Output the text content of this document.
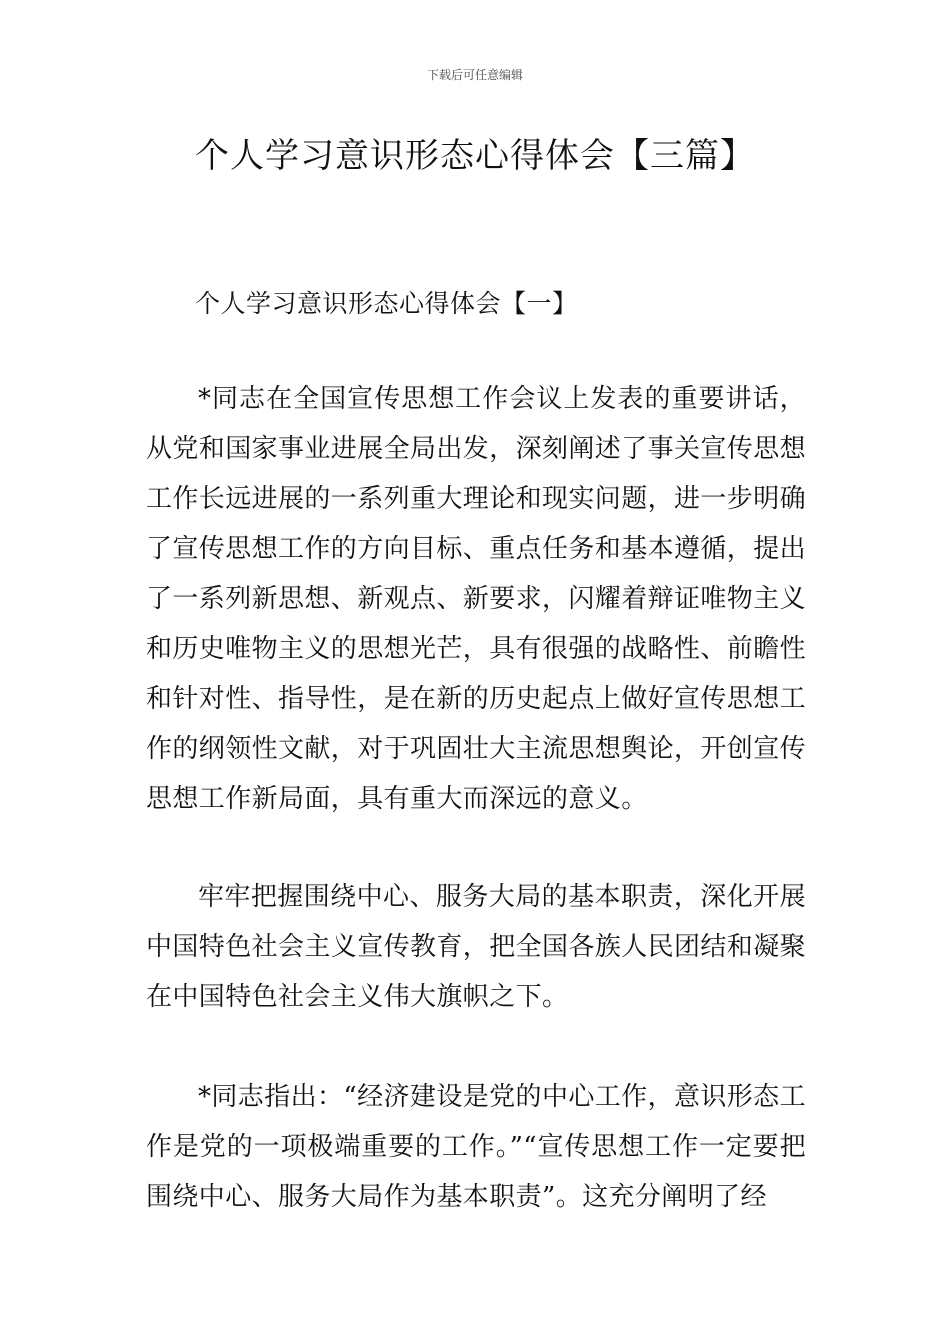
下载后可任意编辑
个人学习意识形态心得体会【三篇】
个人学习意识形态心得体会【一】

*同志在全国宣传思想工作会议上发表的重要讲话，从党和国家事业进展全局出发，深刻阐述了事关宣传思想工作长远进展的一系列重大理论和现实问题，进一步明确了宣传思想工作的方向目标、重点任务和基本遵循，提出了一系列新思想、新观点、新要求，闪耀着辩证唯物主义和历史唯物主义的思想光芒，具有很强的战略性、前瞻性和针对性、指导性，是在新的历史起点上做好宣传思想工作的纲领性文献，对于巩固壮大主流思想舆论，开创宣传思想工作新局面，具有重大而深远的意义。

牢牢把握围绕中心、服务大局的基本职责，深化开展中国特色社会主义宣传教育，把全国各族人民团结和凝聚在中国特色社会主义伟大旗帜之下。

*同志指出：“经济建设是党的中心工作，意识形态工作是党的一项极端重要的工作。”“宣传思想工作一定要把围绕中心、服务大局作为基本职责”。这充分阐明了经
